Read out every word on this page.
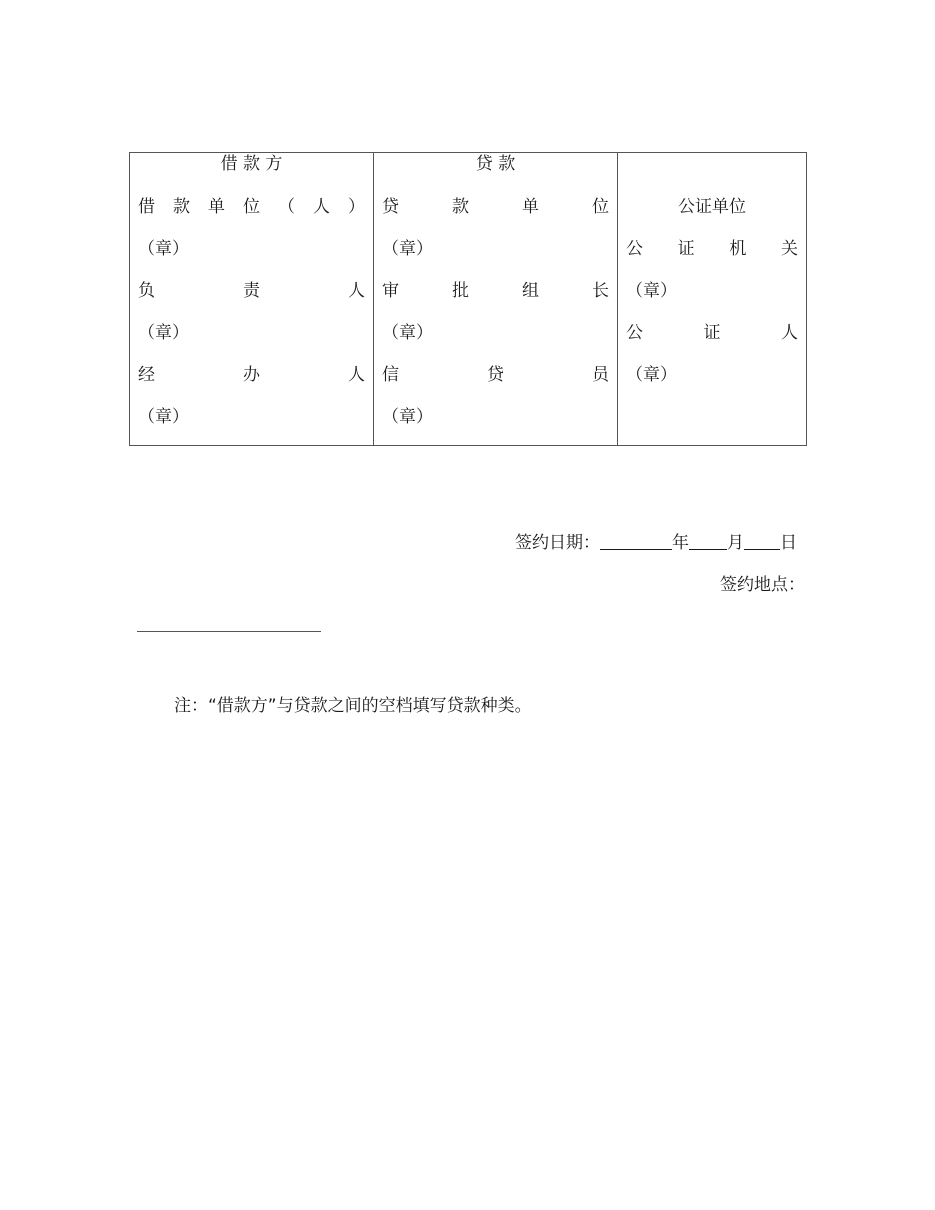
借 款 方
借 款 单 位 （ 人 ）
（章）
负	责	人
（章）
经	办	人
（章）

贷 款
贷	款	单	位
（章）
审	批	组	长
（章）
信	贷	员
（章）

公证单位
公 证 机 关
（章）
公	证	人
（章）
签约日期：	年 月 日
签约地点：
注：“借款方”与贷款之间的空档填写贷款种类。
